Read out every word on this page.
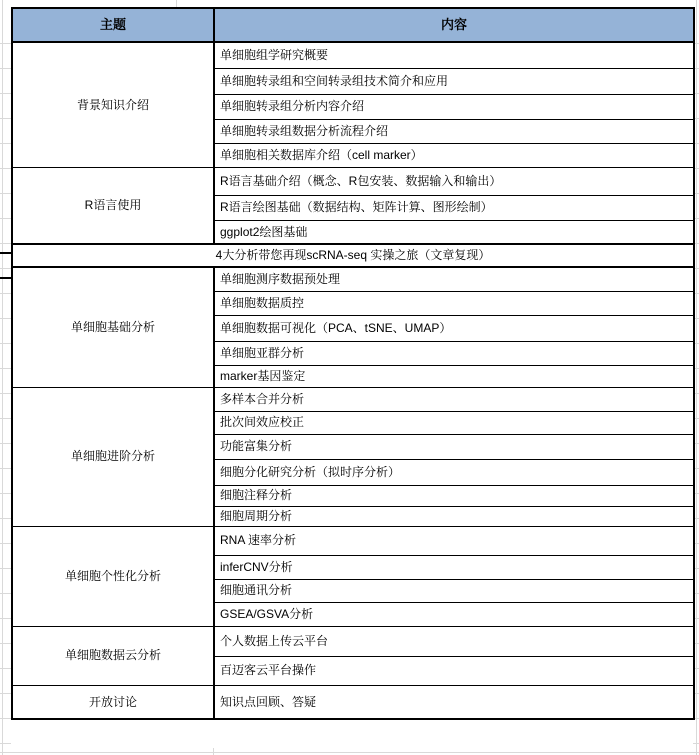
主题	内容
背景知识介绍	单细胞组学研究概要
	单细胞转录组和空间转录组技术简介和应用
	单细胞转录组分析内容介绍
	单细胞转录组数据分析流程介绍
	单细胞相关数据库介绍（cell marker）
R语言使用	R语言基础介绍（概念、R包安装、数据输入和输出）
	R语言绘图基础（数据结构、矩阵计算、图形绘制）
	ggplot2绘图基础
4大分析带您再现scRNA-seq 实操之旅（文章复现）	
单细胞基础分析	单细胞测序数据预处理
	单细胞数据质控
	单细胞数据可视化（PCA、tSNE、UMAP）
	单细胞亚群分析
	marker基因鉴定
单细胞进阶分析	多样本合并分析
	批次间效应校正
	功能富集分析
	细胞分化研究分析（拟时序分析）
	细胞注释分析
	细胞周期分析
单细胞个性化分析	RNA 速率分析
	inferCNV分析
	细胞通讯分析
	GSEA/GSVA分析
单细胞数据云分析	个人数据上传云平台
	百迈客云平台操作
开放讨论	知识点回顾、答疑
